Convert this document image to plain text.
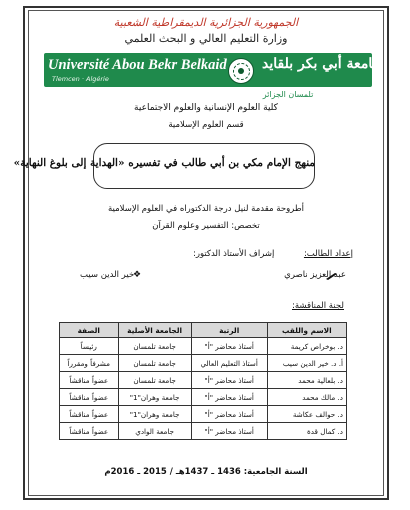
الجمهورية الجزائرية الديمقراطية الشعبية
وزارة التعليم العالي و البحث العلمي
Université Abou Bekr Belkaid
Tlemcen · Algérie
جامعة أبي بكر بلقايد
تلمسان الجزائر
كلية العلوم الإنسانية والعلوم الاجتماعية
قسم العلوم الإسلامية
منهج الإمام مكي بن أبي طالب في تفسيره «الهداية إلى بلوغ النهاية»
أطروحة مقدمة لنيل درجة الدكتوراه في العلوم الإسلامية
تخصص: التفسير وعلوم القرآن
إعداد الطالب:
إشراف الأستاذ الدكتور:
عبد العزيز ناصري
❖
خير الدين سيب
لجنة المناقشة:
الاسم واللقب	الرتبة	الجامعة الأصلية	الصفة
د. بوخراص كريمة	أستاذ محاضر "أ"	جامعة تلمسان	رئيساً
أ. د. خير الدين سيب	أستاذ التعليم العالي	جامعة تلمسان	مشرفاً ومقرراً
د. بلعالية محمد	أستاذ محاضر "أ"	جامعة تلمسان	عضواً مناقشاً
د. مالك محمد	أستاذ محاضر "أ"	جامعة وهران"1"	عضواً مناقشاً
د. حوالف عكاشة	أستاذ محاضر "أ"	جامعة وهران"1"	عضواً مناقشاً
د. كمال قدة	أستاذ محاضر "أ"	جامعة الوادي	عضواً مناقشاً
السنة الجامعية: 1436 ـ 1437هـ / 2015 ـ 2016م
